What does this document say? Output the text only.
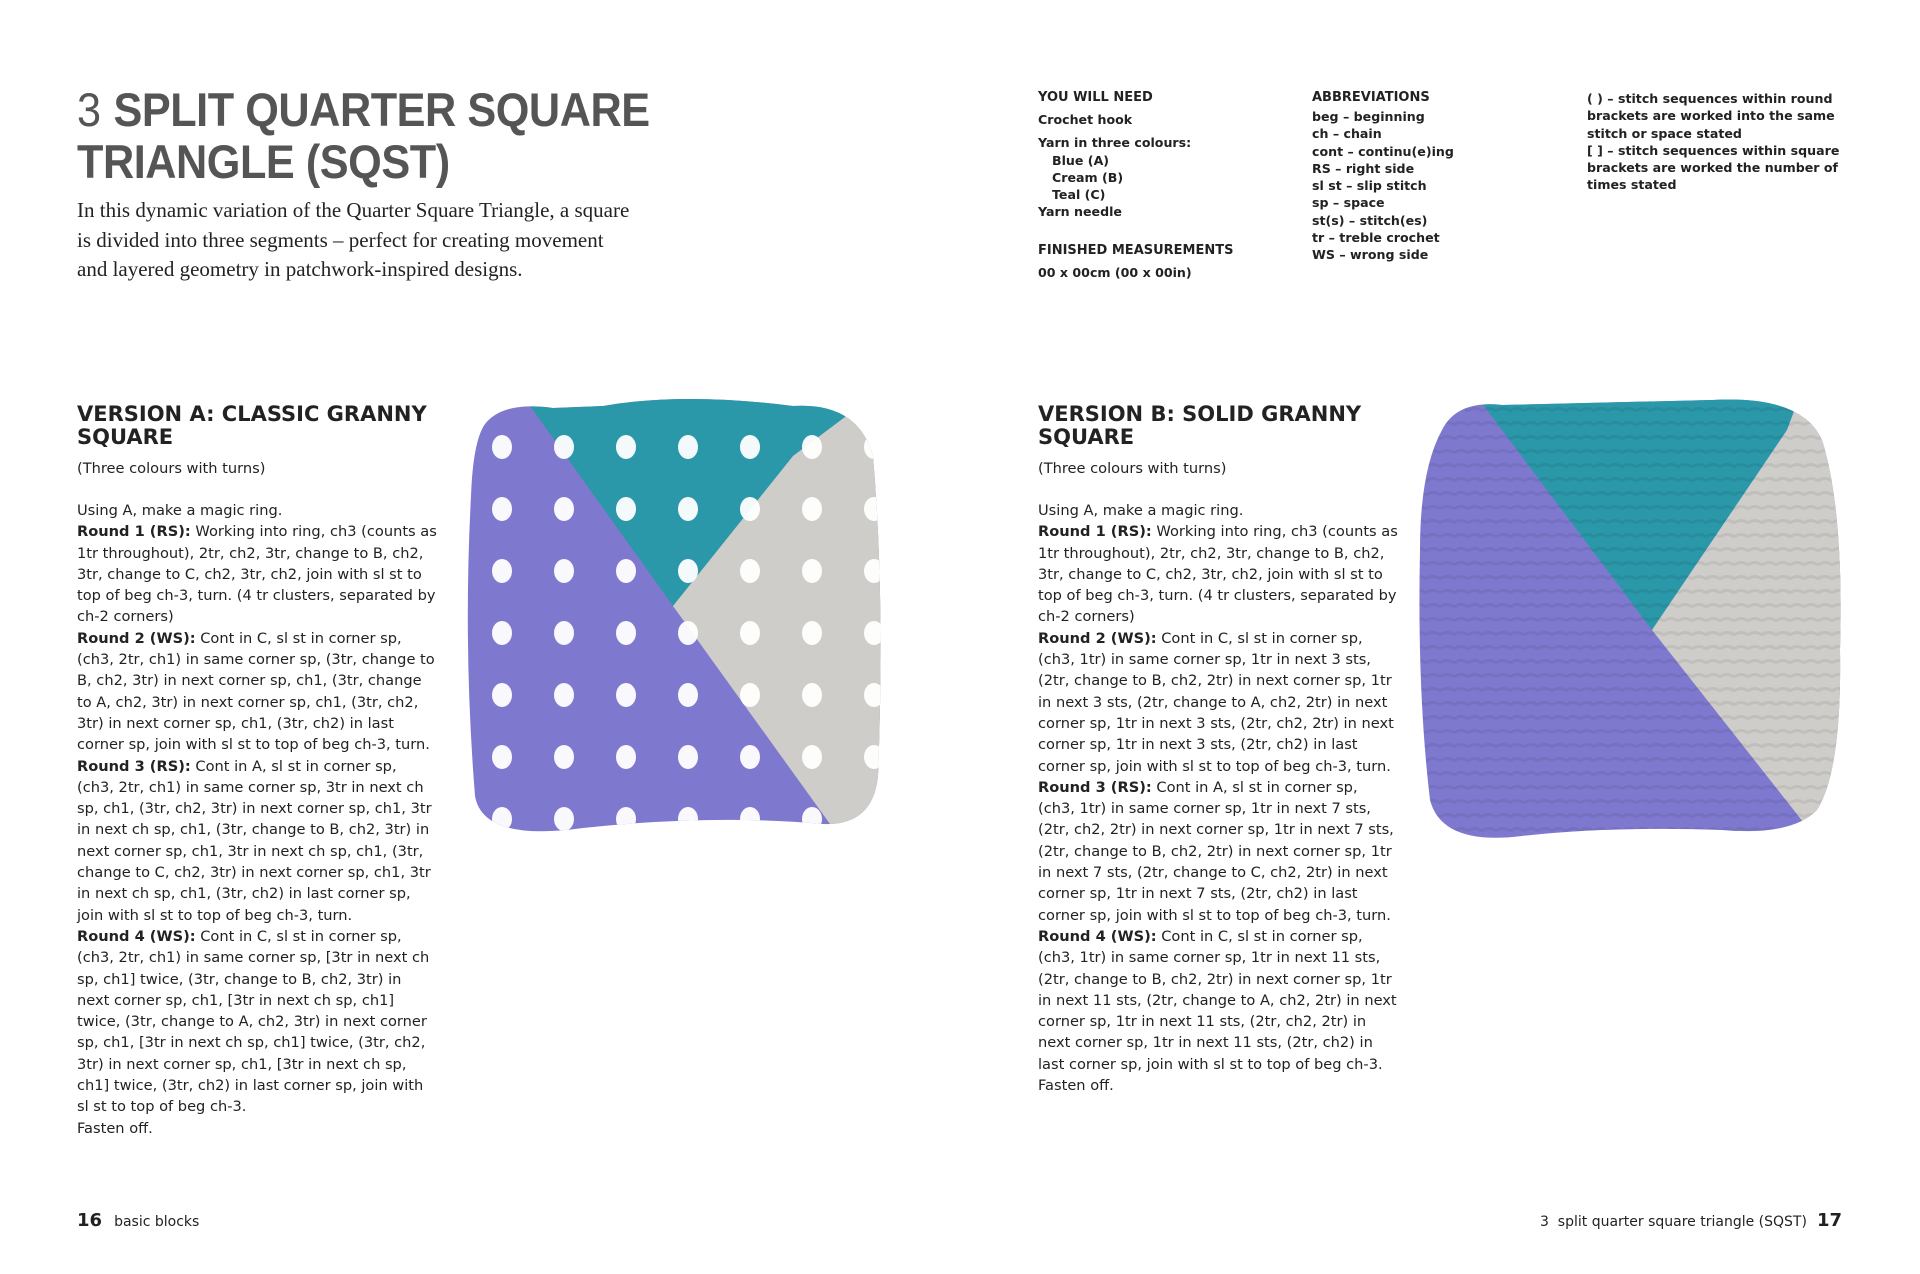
3 SPLIT QUARTER SQUARE
TRIANGLE (SQST)
In this dynamic variation of the Quarter Square Triangle, a square is divided into three segments – perfect for creating movement and layered geometry in patchwork-inspired designs.
YOU WILL NEED
Crochet hook
Yarn in three colours:
Blue (A)
Cream (B)
Teal (C)
Yarn needle
FINISHED MEASUREMENTS
00 x 00cm (00 x 00in)
ABBREVIATIONS
beg – beginning
ch – chain
cont – continu(e)ing
RS – right side
sl st – slip stitch
sp – space
st(s) – stitch(es)
tr – treble crochet
WS – wrong side
( ) – stitch sequences within round brackets are worked into the same stitch or space stated
[ ] – stitch sequences within square brackets are worked the number of times stated
VERSION A: CLASSIC GRANNY SQUARE
(Three colours with turns)

Using A, make a magic ring.

Round 1 (RS): Working into ring, ch3 (counts as 1tr throughout), 2tr, ch2, 3tr, change to B, ch2, 3tr, change to C, ch2, 3tr, ch2, join with sl st to top of beg ch-3, turn. (4 tr clusters, separated by ch-2 corners)

Round 2 (WS): Cont in C, sl st in corner sp, (ch3, 2tr, ch1) in same corner sp, (3tr, change to B, ch2, 3tr) in next corner sp, ch1, (3tr, change to A, ch2, 3tr) in next corner sp, ch1, (3tr, ch2, 3tr) in next corner sp, ch1, (3tr, ch2) in last corner sp, join with sl st to top of beg ch-3, turn.

Round 3 (RS): Cont in A, sl st in corner sp, (ch3, 2tr, ch1) in same corner sp, 3tr in next ch sp, ch1, (3tr, ch2, 3tr) in next corner sp, ch1, 3tr in next ch sp, ch1, (3tr, change to B, ch2, 3tr) in next corner sp, ch1, 3tr in next ch sp, ch1, (3tr, change to C, ch2, 3tr) in next corner sp, ch1, 3tr in next ch sp, ch1, (3tr, ch2) in last corner sp, join with sl st to top of beg ch-3, turn.

Round 4 (WS): Cont in C, sl st in corner sp, (ch3, 2tr, ch1) in same corner sp, [3tr in next ch sp, ch1] twice, (3tr, change to B, ch2, 3tr) in next corner sp, ch1, [3tr in next ch sp, ch1] twice, (3tr, change to A, ch2, 3tr) in next corner sp, ch1, [3tr in next ch sp, ch1] twice, (3tr, ch2, 3tr) in next corner sp, ch1, [3tr in next ch sp, ch1] twice, (3tr, ch2) in last corner sp, join with sl st to top of beg ch-3.

Fasten off.

VERSION B: SOLID GRANNY SQUARE
(Three colours with turns)

Using A, make a magic ring.

Round 1 (RS): Working into ring, ch3 (counts as 1tr throughout), 2tr, ch2, 3tr, change to B, ch2, 3tr, change to C, ch2, 3tr, ch2, join with sl st to top of beg ch-3, turn. (4 tr clusters, separated by ch-2 corners)

Round 2 (WS): Cont in C, sl st in corner sp, (ch3, 1tr) in same corner sp, 1tr in next 3 sts, (2tr, change to B, ch2, 2tr) in next corner sp, 1tr in next 3 sts, (2tr, change to A, ch2, 2tr) in next corner sp, 1tr in next 3 sts, (2tr, ch2, 2tr) in next corner sp, 1tr in next 3 sts, (2tr, ch2) in last corner sp, join with sl st to top of beg ch-3, turn.

Round 3 (RS): Cont in A, sl st in corner sp, (ch3, 1tr) in same corner sp, 1tr in next 7 sts, (2tr, ch2, 2tr) in next corner sp, 1tr in next 7 sts, (2tr, change to B, ch2, 2tr) in next corner sp, 1tr in next 7 sts, (2tr, change to C, ch2, 2tr) in next corner sp, 1tr in next 7 sts, (2tr, ch2) in last corner sp, join with sl st to top of beg ch-3, turn.

Round 4 (WS): Cont in C, sl st in corner sp, (ch3, 1tr) in same corner sp, 1tr in next 11 sts, (2tr, change to B, ch2, 2tr) in next corner sp, 1tr in next 11 sts, (2tr, change to A, ch2, 2tr) in next corner sp, 1tr in next 11 sts, (2tr, ch2, 2tr) in next corner sp, 1tr in next 11 sts, (2tr, ch2) in last corner sp, join with sl st to top of beg ch-3.

Fasten off.

16 basic blocks	3  split quarter square triangle (SQST) 17
